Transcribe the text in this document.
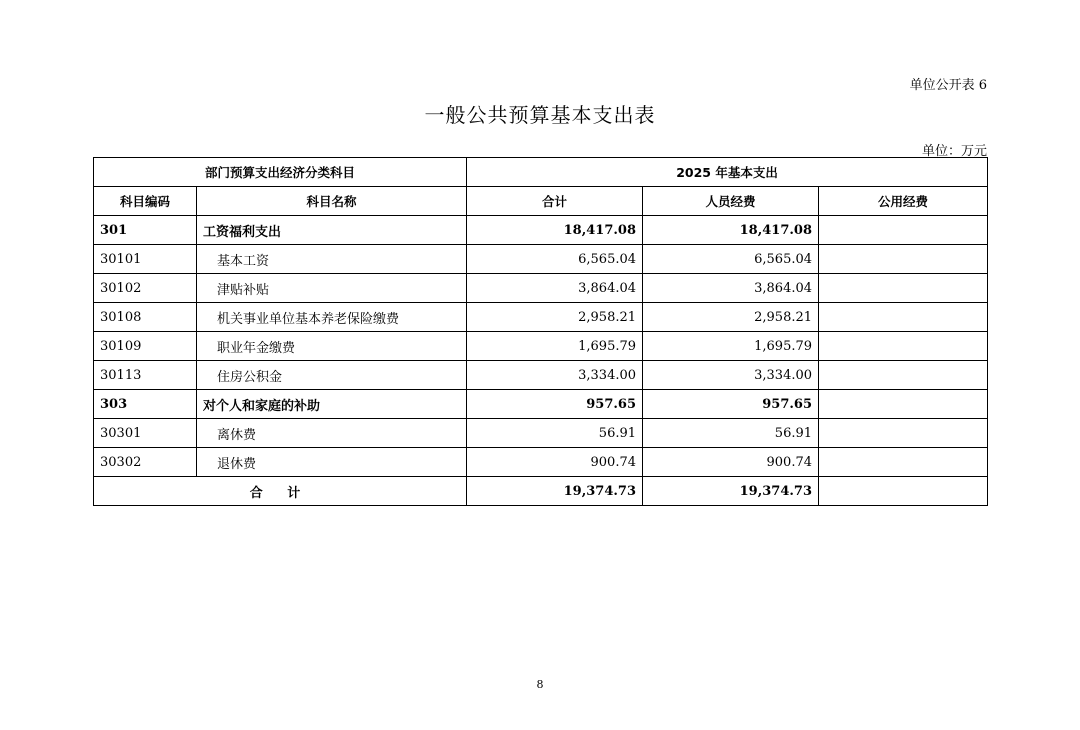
单位公开表 6
一般公共预算基本支出表
单位：万元
部门预算支出经济分类科目		2025 年基本支出		
科目编码	科目名称	合计	人员经费	公用经费
301	工资福利支出	18,417.08	18,417.08	
30101	基本工资	6,565.04	6,565.04	
30102	津贴补贴	3,864.04	3,864.04	
30108	机关事业单位基本养老保险缴费	2,958.21	2,958.21	
30109	职业年金缴费	1,695.79	1,695.79	
30113	住房公积金	3,334.00	3,334.00	
303	对个人和家庭的补助	957.65	957.65	
30301	离休费	56.91	56.91	
30302	退休费	900.74	900.74	
合 计		19,374.73	19,374.73	
8
